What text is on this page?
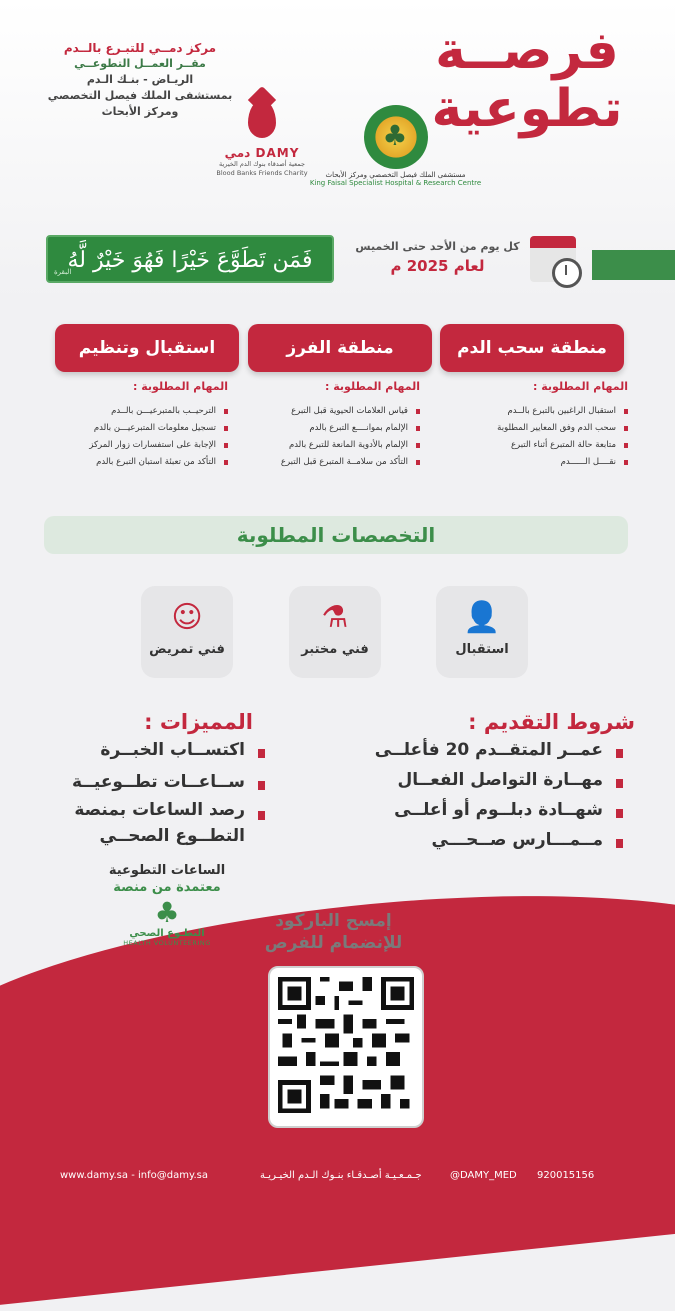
فرصــة
تطوعية
مركز دمــي للتبـرع بالــدم
مقــر العمــل التطوعــي
الريـاض - بنـك الـدم
بمستشفى الملك فيصل التخصصي
ومركز الأبحاث
DAMY دمي
جمعية أصدقاء بنوك الدم الخيرية
Blood Banks Friends Charity
♣
مستشفى الملك فيصل التخصصي ومركز الأبحاث
King Faisal Specialist Hospital & Research Centre
فَمَن تَطَوَّعَ خَيْرًا فَهُوَ خَيْرٌ لَّهُ
البقرة
كل يوم من الأحد حتى الخميس
لعام 2025 م
منطقة سحب الدم
منطقة الفرز
استقبال وتنظيم
المهام المطلوبة :
استقبال الراغبين بالتبرع بالــدم
سحب الدم وفق المعايير المطلوبة
متابعة حالة المتبرع أثناء التبرع
نقــــل الــــــدم
المهام المطلوبة :
قياس العلامات الحيوية قبل التبرع
الإلمام بموانــــع التبرع بالدم
الإلمام بالأدوية المانعة للتبرع بالدم
التأكد من سلامــة المتبرع قبل التبرع
المهام المطلوبة :
الترحيــب بالمتبرعيـــن بالــدم
تسجيل معلومات المتبرعيـــن بالدم
الإجابة على استفسارات زوار المركز
التأكد من تعبئة استبان التبرع بالدم
التخصصات المطلوبة
👤
استقبال
⚗
فني مختبر
☺
فني تمريض
شروط التقديم :
عمــر المتقــدم 20 فأعلــى
مهــارة التواصل الفعــال
شهــادة دبلــوم أو أعلــى
مــمـــارس صــحـــي
المميزات :
اكتســاب الخبــرة
ســاعــات تطــوعيــة
رصد الساعات بمنصة
التطــوع الصحــي
الساعات التطوعية
معتمدة من منصة
♣
التطـوع الصحي
HEALTH VOLUNTEERING
إمسح الباركود
للإنضمام للفرص
www.damy.sa - info@damy.sa	جـمـعـيـة أصـدقـاء بنـوك الـدم الخيـريـة	@DAMY_MED 920015156
